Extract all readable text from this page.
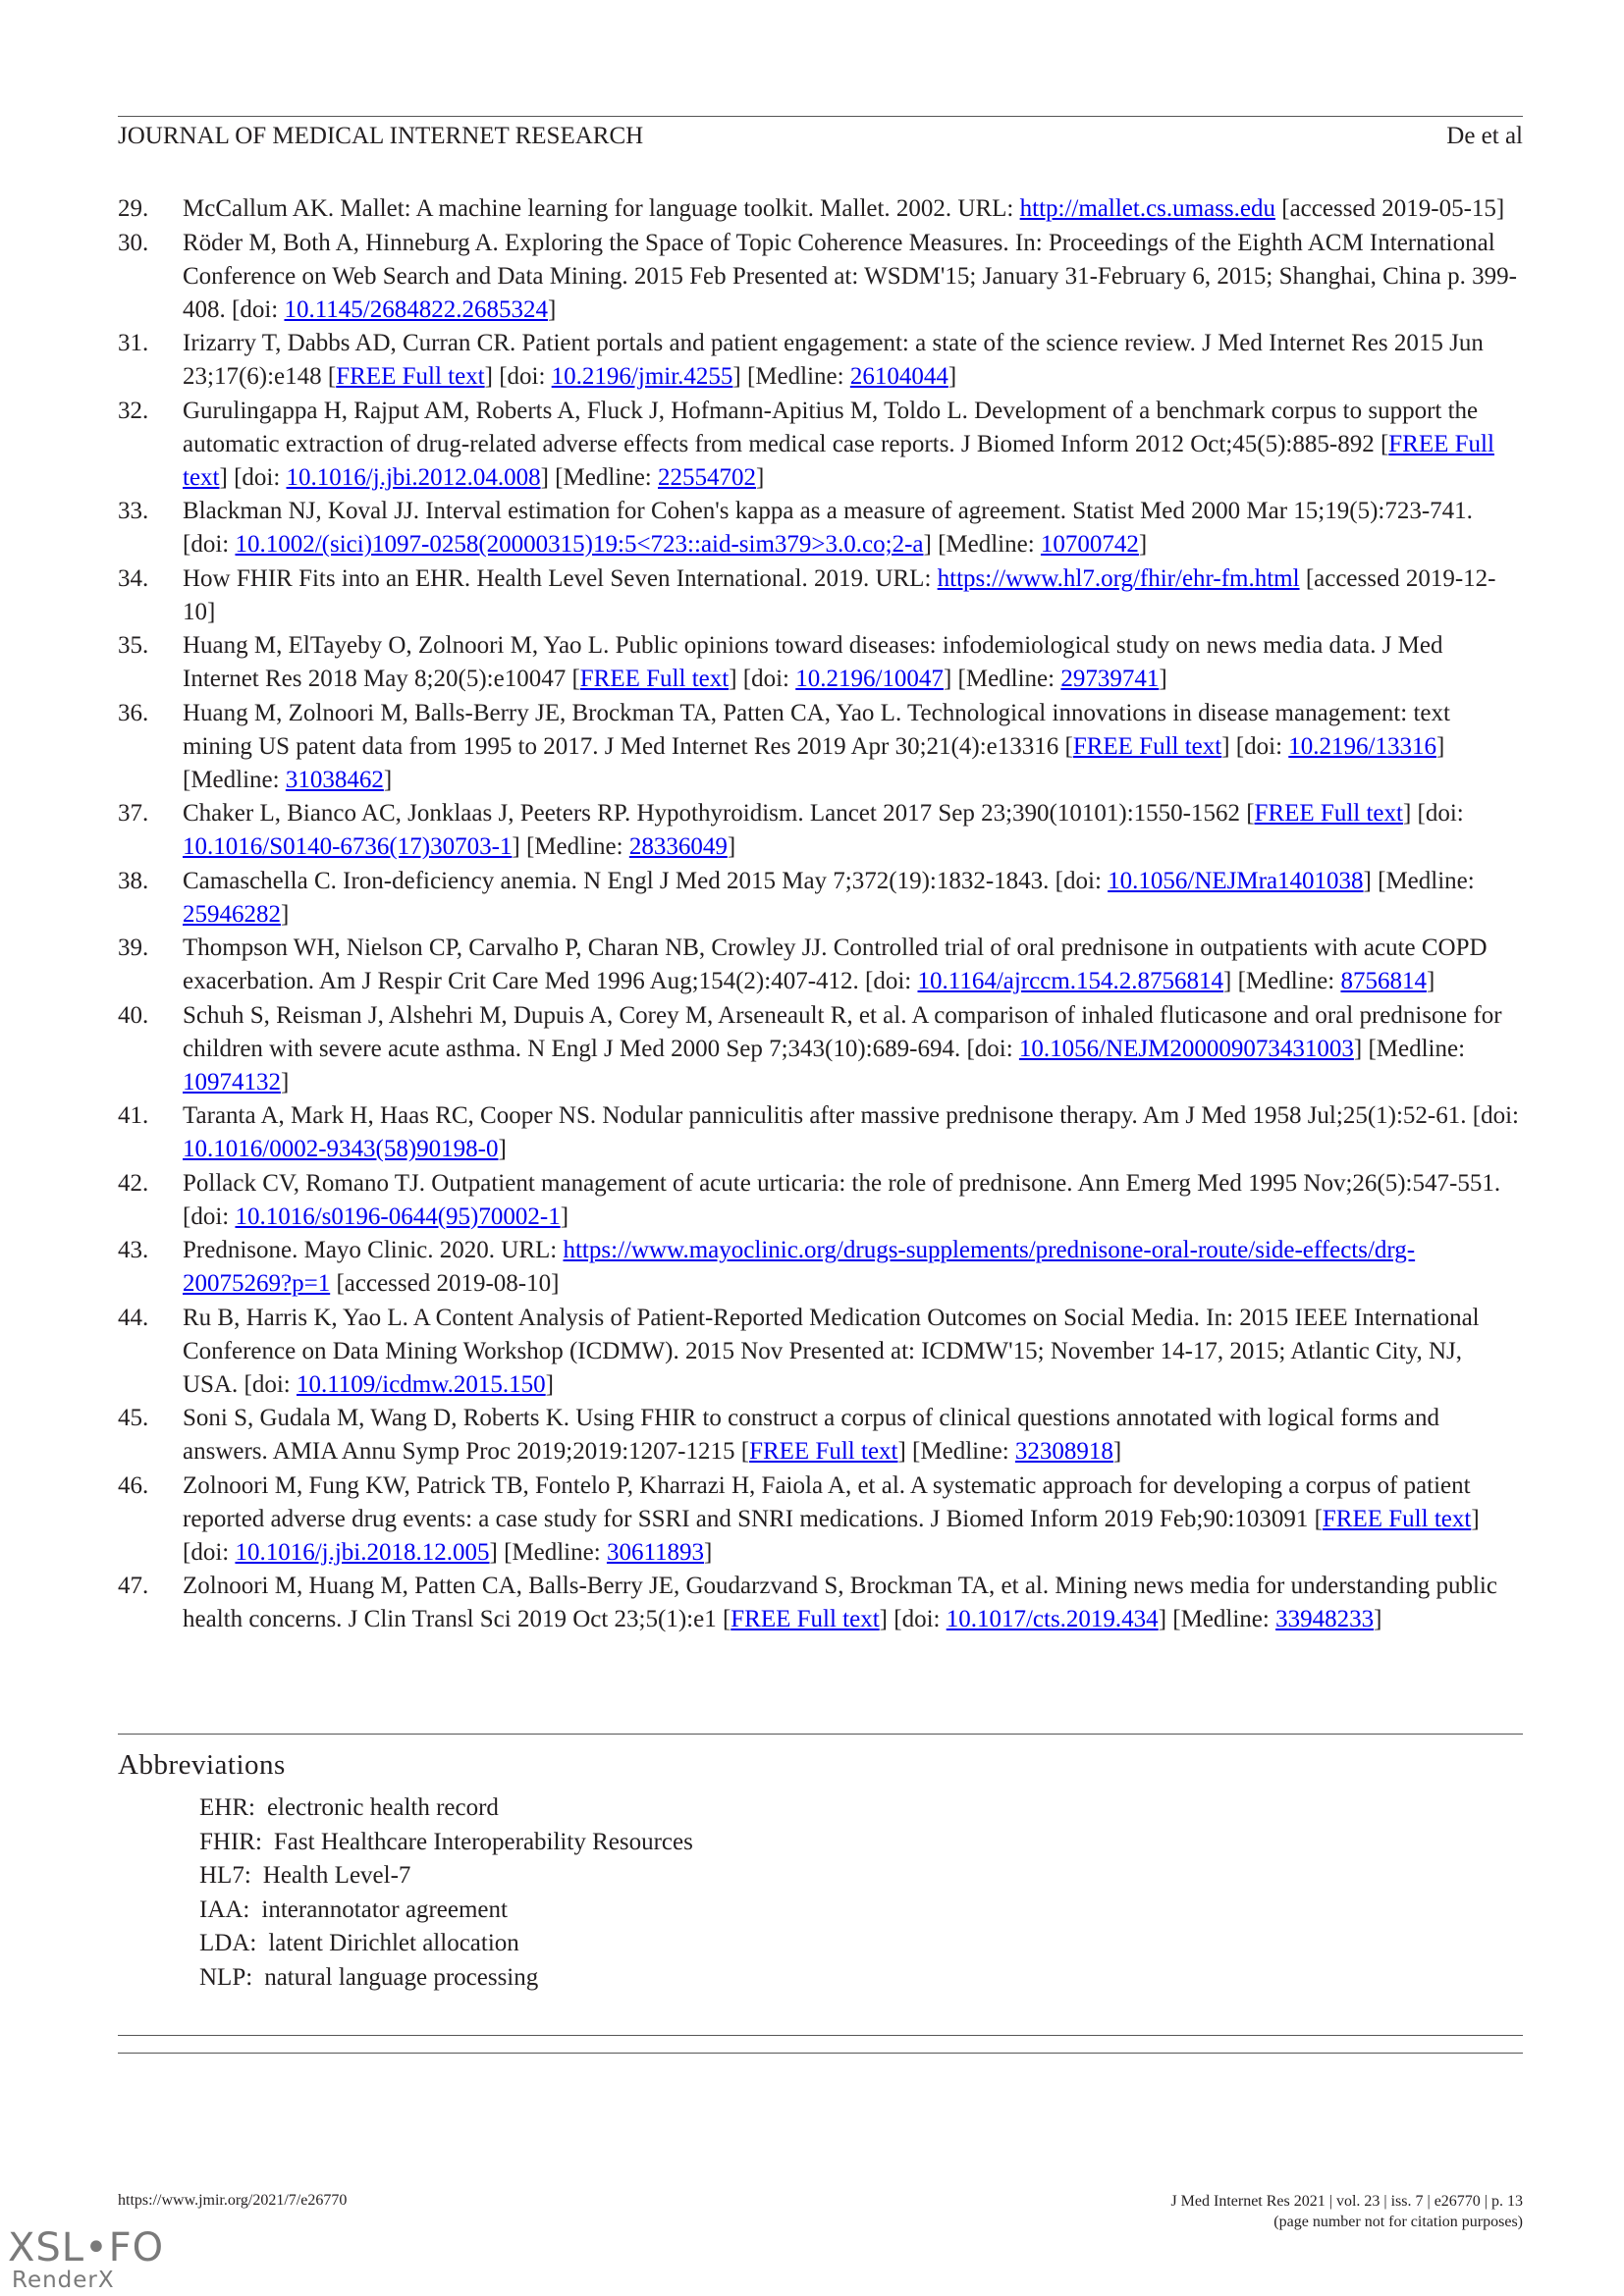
JOURNAL OF MEDICAL INTERNET RESEARCH	De et al
29.	McCallum AK. Mallet: A machine learning for language toolkit. Mallet. 2002. URL: http://mallet.cs.umass.edu [accessed 2019-05-15]
30.	Röder M, Both A, Hinneburg A. Exploring the Space of Topic Coherence Measures. In: Proceedings of the Eighth ACM International Conference on Web Search and Data Mining. 2015 Feb Presented at: WSDM'15; January 31-February 6, 2015; Shanghai, China p. 399-408. [doi: 10.1145/2684822.2685324]
31.	Irizarry T, Dabbs AD, Curran CR. Patient portals and patient engagement: a state of the science review. J Med Internet Res 2015 Jun 23;17(6):e148 [FREE Full text] [doi: 10.2196/jmir.4255] [Medline: 26104044]
32.	Gurulingappa H, Rajput AM, Roberts A, Fluck J, Hofmann-Apitius M, Toldo L. Development of a benchmark corpus to support the automatic extraction of drug-related adverse effects from medical case reports. J Biomed Inform 2012 Oct;45(5):885-892 [FREE Full text] [doi: 10.1016/j.jbi.2012.04.008] [Medline: 22554702]
33.	Blackman NJ, Koval JJ. Interval estimation for Cohen's kappa as a measure of agreement. Statist Med 2000 Mar 15;19(5):723-741. [doi: 10.1002/(sici)1097-0258(20000315)19:5<723::aid-sim379>3.0.co;2-a] [Medline: 10700742]
34.	How FHIR Fits into an EHR. Health Level Seven International. 2019. URL: https://www.hl7.org/fhir/ehr-fm.html [accessed 2019-12-10]
35.	Huang M, ElTayeby O, Zolnoori M, Yao L. Public opinions toward diseases: infodemiological study on news media data. J Med Internet Res 2018 May 8;20(5):e10047 [FREE Full text] [doi: 10.2196/10047] [Medline: 29739741]
36.	Huang M, Zolnoori M, Balls-Berry JE, Brockman TA, Patten CA, Yao L. Technological innovations in disease management: text mining US patent data from 1995 to 2017. J Med Internet Res 2019 Apr 30;21(4):e13316 [FREE Full text] [doi: 10.2196/13316] [Medline: 31038462]
37.	Chaker L, Bianco AC, Jonklaas J, Peeters RP. Hypothyroidism. Lancet 2017 Sep 23;390(10101):1550-1562 [FREE Full text] [doi: 10.1016/S0140-6736(17)30703-1] [Medline: 28336049]
38.	Camaschella C. Iron-deficiency anemia. N Engl J Med 2015 May 7;372(19):1832-1843. [doi: 10.1056/NEJMra1401038] [Medline: 25946282]
39.	Thompson WH, Nielson CP, Carvalho P, Charan NB, Crowley JJ. Controlled trial of oral prednisone in outpatients with acute COPD exacerbation. Am J Respir Crit Care Med 1996 Aug;154(2):407-412. [doi: 10.1164/ajrccm.154.2.8756814] [Medline: 8756814]
40.	Schuh S, Reisman J, Alshehri M, Dupuis A, Corey M, Arseneault R, et al. A comparison of inhaled fluticasone and oral prednisone for children with severe acute asthma. N Engl J Med 2000 Sep 7;343(10):689-694. [doi: 10.1056/NEJM200009073431003] [Medline: 10974132]
41.	Taranta A, Mark H, Haas RC, Cooper NS. Nodular panniculitis after massive prednisone therapy. Am J Med 1958 Jul;25(1):52-61. [doi: 10.1016/0002-9343(58)90198-0]
42.	Pollack CV, Romano TJ. Outpatient management of acute urticaria: the role of prednisone. Ann Emerg Med 1995 Nov;26(5):547-551. [doi: 10.1016/s0196-0644(95)70002-1]
43.	Prednisone. Mayo Clinic. 2020. URL: https://www.mayoclinic.org/drugs-supplements/prednisone-oral-route/side-effects/drg-20075269?p=1 [accessed 2019-08-10]
44.	Ru B, Harris K, Yao L. A Content Analysis of Patient-Reported Medication Outcomes on Social Media. In: 2015 IEEE International Conference on Data Mining Workshop (ICDMW). 2015 Nov Presented at: ICDMW'15; November 14-17, 2015; Atlantic City, NJ, USA. [doi: 10.1109/icdmw.2015.150]
45.	Soni S, Gudala M, Wang D, Roberts K. Using FHIR to construct a corpus of clinical questions annotated with logical forms and answers. AMIA Annu Symp Proc 2019;2019:1207-1215 [FREE Full text] [Medline: 32308918]
46.	Zolnoori M, Fung KW, Patrick TB, Fontelo P, Kharrazi H, Faiola A, et al. A systematic approach for developing a corpus of patient reported adverse drug events: a case study for SSRI and SNRI medications. J Biomed Inform 2019 Feb;90:103091 [FREE Full text] [doi: 10.1016/j.jbi.2018.12.005] [Medline: 30611893]
47.	Zolnoori M, Huang M, Patten CA, Balls-Berry JE, Goudarzvand S, Brockman TA, et al. Mining news media for understanding public health concerns. J Clin Transl Sci 2019 Oct 23;5(1):e1 [FREE Full text] [doi: 10.1017/cts.2019.434] [Medline: 33948233]
Abbreviations
EHR: electronic health record
FHIR: Fast Healthcare Interoperability Resources
HL7: Health Level-7
IAA: interannotator agreement
LDA: latent Dirichlet allocation
NLP: natural language processing
https://www.jmir.org/2021/7/e26770	J Med Internet Res 2021 | vol. 23 | iss. 7 | e26770 | p. 13
(page number not for citation purposes)
XSL•FO
RenderX
